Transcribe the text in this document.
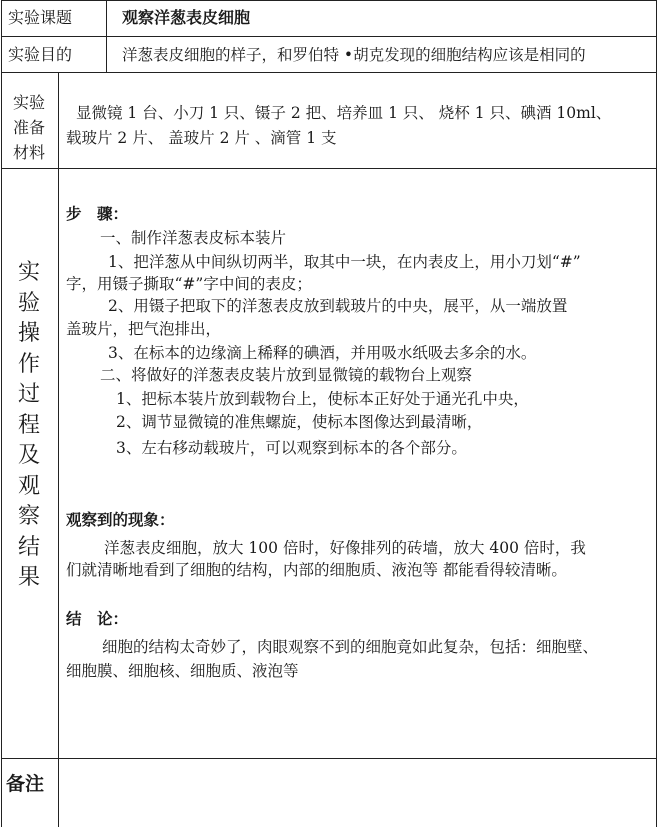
实验课题	观察洋葱表皮细胞
实验目的	洋葱表皮细胞的样子，和罗伯特 •胡克发现的细胞结构应该是相同的
实验
准备
材料
显微镜 1 台、小刀 1 只、镊子 2 把、培养皿 1 只、 烧杯 1 只、碘酒 10ml、
载玻片 2 片、 盖玻片 2 片 、滴管 1 支
实
验
操
作
过
程
及
观
察
结
果
步　骤：
一、制作洋葱表皮标本装片
1、把洋葱从中间纵切两半，取其中一块，在内表皮上，用小刀划“#”
字，用镊子撕取“#”字中间的表皮；
2、用镊子把取下的洋葱表皮放到载玻片的中央，展平，从一端放置
盖玻片，把气泡排出，
3、在标本的边缘滴上稀释的碘酒，并用吸水纸吸去多余的水。
二、将做好的洋葱表皮装片放到显微镜的载物台上观察
1、把标本装片放到载物台上，使标本正好处于通光孔中央，
2、调节显微镜的准焦螺旋，使标本图像达到最清晰，
3、左右移动载玻片，可以观察到标本的各个部分。
观察到的现象：
洋葱表皮细胞，放大 100 倍时，好像排列的砖墙，放大 400 倍时，我
们就清晰地看到了细胞的结构，内部的细胞质、液泡等 都能看得较清晰。
结　论：
细胞的结构太奇妙了，肉眼观察不到的细胞竟如此复杂，包括：细胞壁、
细胞膜、细胞核、细胞质、液泡等
备注
